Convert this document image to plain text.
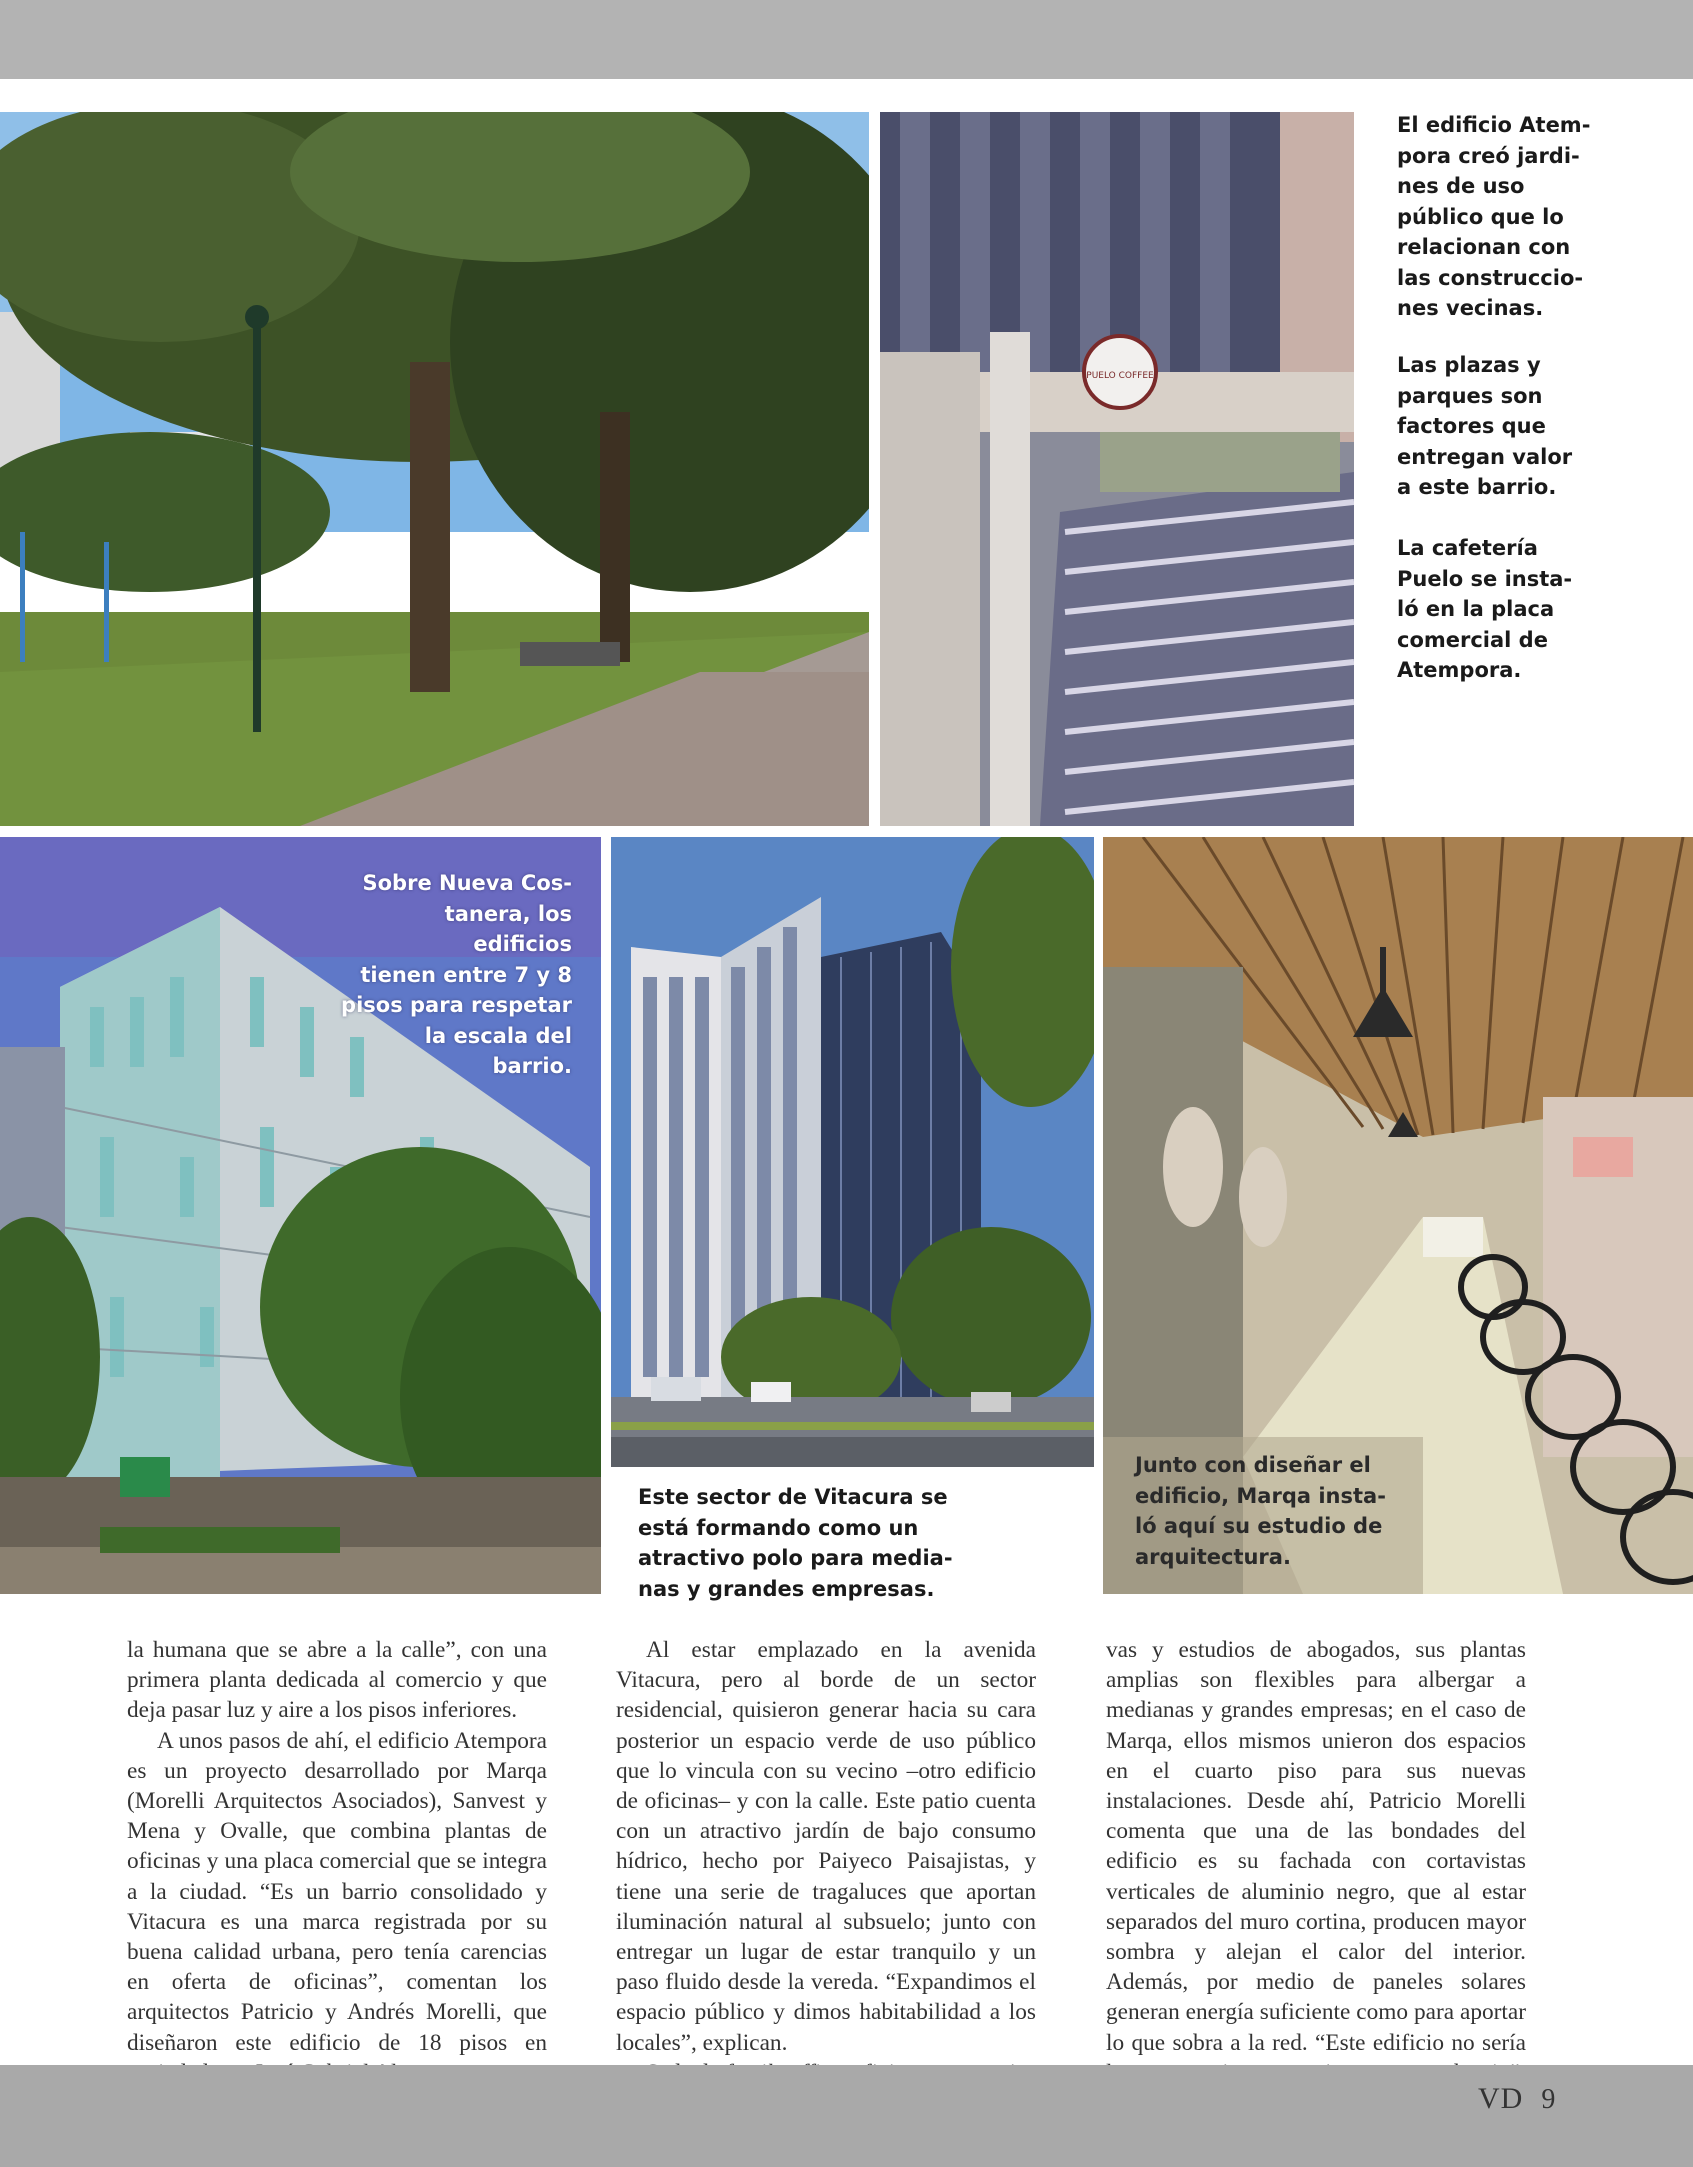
PUELO COFFEE

El edificio Atem-
pora creó jardi-
nes de uso
público que lo
relacionan con
las construccio-
nes vecinas.

Las plazas y
parques son
factores que
entregan valor
a este barrio.

La cafetería
Puelo se insta-
ló en la placa
comercial de
Atempora.

Sobre Nueva Cos-
tanera, los edificios
tienen entre 7 y 8
pisos para respetar
la escala del barrio.

Este sector de Vitacura se
está formando como un
atractivo polo para media-
nas y grandes empresas.

Junto con diseñar el
edificio, Marqa insta-
ló aquí su estudio de
arquitectura.

la humana que se abre a la calle”, con una primera planta dedicada al comercio y que deja pasar luz y aire a los pisos inferiores.

A unos pasos de ahí, el edificio Atempora es un proyecto desarrollado por Marqa (Morelli Arquitectos Asociados), Sanvest y Mena y Ovalle, que combina plantas de oficinas y una placa comercial que se integra a la ciudad. “Es un barrio consolidado y Vitacura es una marca registrada por su buena calidad urbana, pero tenía carencias en oferta de oficinas”, comentan los arquitectos Patricio y Andrés Morelli, que diseñaron este edificio de 18 pisos en

Al estar emplazado en la avenida Vitacura, pero al borde de un sector residencial, quisieron generar hacia su cara posterior un espacio verde de uso público que lo vincula con su vecino –otro edificio de oficinas– y con la calle. Este patio cuenta con un atractivo jardín de bajo consumo hídrico, hecho por Paiyeco Paisajistas, y tiene una serie de tragaluces que aportan iluminación natural al subsuelo; junto con entregar un lugar de estar tranquilo y un paso fluido desde la vereda. “Expandimos el espacio público y dimos habitabilidad a los locales”, explican.

vas y estudios de abogados, sus plantas amplias son flexibles para albergar a medianas y grandes empresas; en el caso de Marqa, ellos mismos unieron dos espacios en el cuarto piso para sus nuevas instalaciones. Desde ahí, Patricio Morelli comenta que una de las bondades del edificio es su fachada con cortavistas verticales de aluminio negro, que al estar separados del muro cortina, producen mayor sombra y alejan el calor del interior. Además, por medio de paneles solares generan energía suficiente como para aportar lo que sobra a la red. “Este edificio no sería

VD 9
